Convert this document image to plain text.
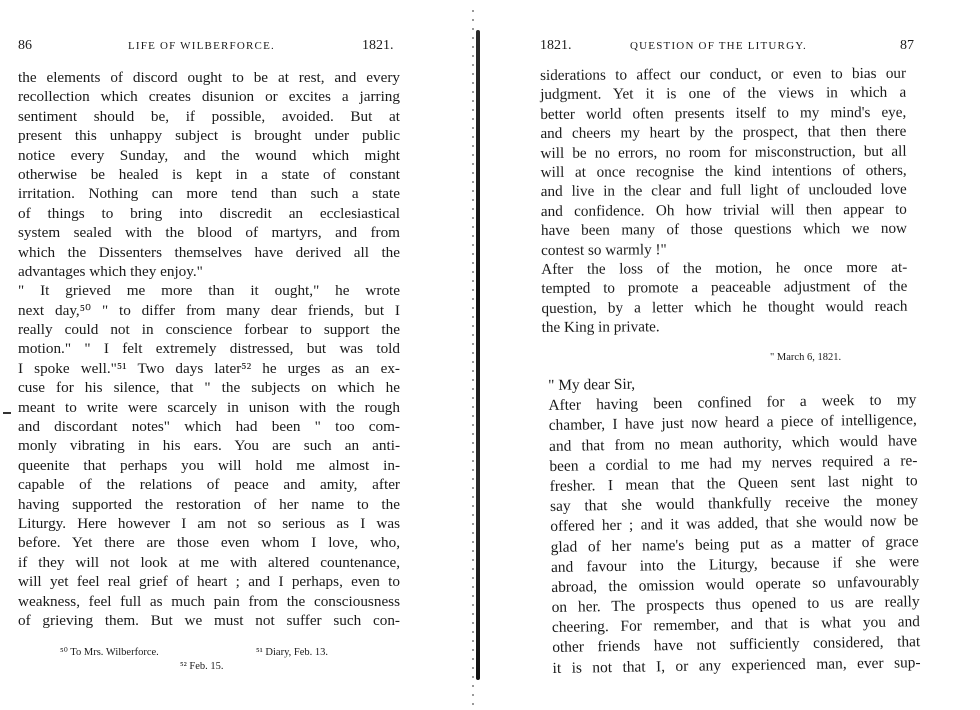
86	LIFE OF WILBERFORCE.	1821.
the elements of discord ought to be at rest, and every
recollection which creates disunion or excites a jarring
sentiment should be, if possible, avoided. But at
present this unhappy subject is brought under public
notice every Sunday, and the wound which might
otherwise be healed is kept in a state of constant
irritation. Nothing can more tend than such a state
of things to bring into discredit an ecclesiastical
system sealed with the blood of martyrs, and from
which the Dissenters themselves have derived all the
advantages which they enjoy."
" It grieved me more than it ought," he wrote
next day,⁵⁰ " to differ from many dear friends, but I
really could not in conscience forbear to support the
motion." " I felt extremely distressed, but was told
I spoke well."⁵¹ Two days later⁵² he urges as an ex-
cuse for his silence, that " the subjects on which he
meant to write were scarcely in unison with the rough
and discordant notes" which had been " too com-
monly vibrating in his ears. You are such an anti-
queenite that perhaps you will hold me almost in-
capable of the relations of peace and amity, after
having supported the restoration of her name to the
Liturgy. Here however I am not so serious as I was
before. Yet there are those even whom I love, who,
if they will not look at me with altered countenance,
will yet feel real grief of heart ; and I perhaps, even to
weakness, feel full as much pain from the consciousness
of grieving them. But we must not suffer such con-
⁵⁰ To Mrs. Wilberforce.	⁵¹ Diary, Feb. 13.
⁵² Feb. 15.
1821.	QUESTION OF THE LITURGY.	87
siderations to affect our conduct, or even to bias our
judgment. Yet it is one of the views in which a
better world often presents itself to my mind's eye,
and cheers my heart by the prospect, that then there
will be no errors, no room for misconstruction, but all
will at once recognise the kind intentions of others,
and live in the clear and full light of unclouded love
and confidence. Oh how trivial will then appear to
have been many of those questions which we now
contest so warmly !"
After the loss of the motion, he once more at-
tempted to promote a peaceable adjustment of the
question, by a letter which he thought would reach
the King in private.
" March 6, 1821.
" My dear Sir,
After having been confined for a week to my
chamber, I have just now heard a piece of intelligence,
and that from no mean authority, which would have
been a cordial to me had my nerves required a re-
fresher. I mean that the Queen sent last night to
say that she would thankfully receive the money
offered her ; and it was added, that she would now be
glad of her name's being put as a matter of grace
and favour into the Liturgy, because if she were
abroad, the omission would operate so unfavourably
on her. The prospects thus opened to us are really
cheering. For remember, and that is what you and
other friends have not sufficiently considered, that
it is not that I, or any experienced man, ever sup-
